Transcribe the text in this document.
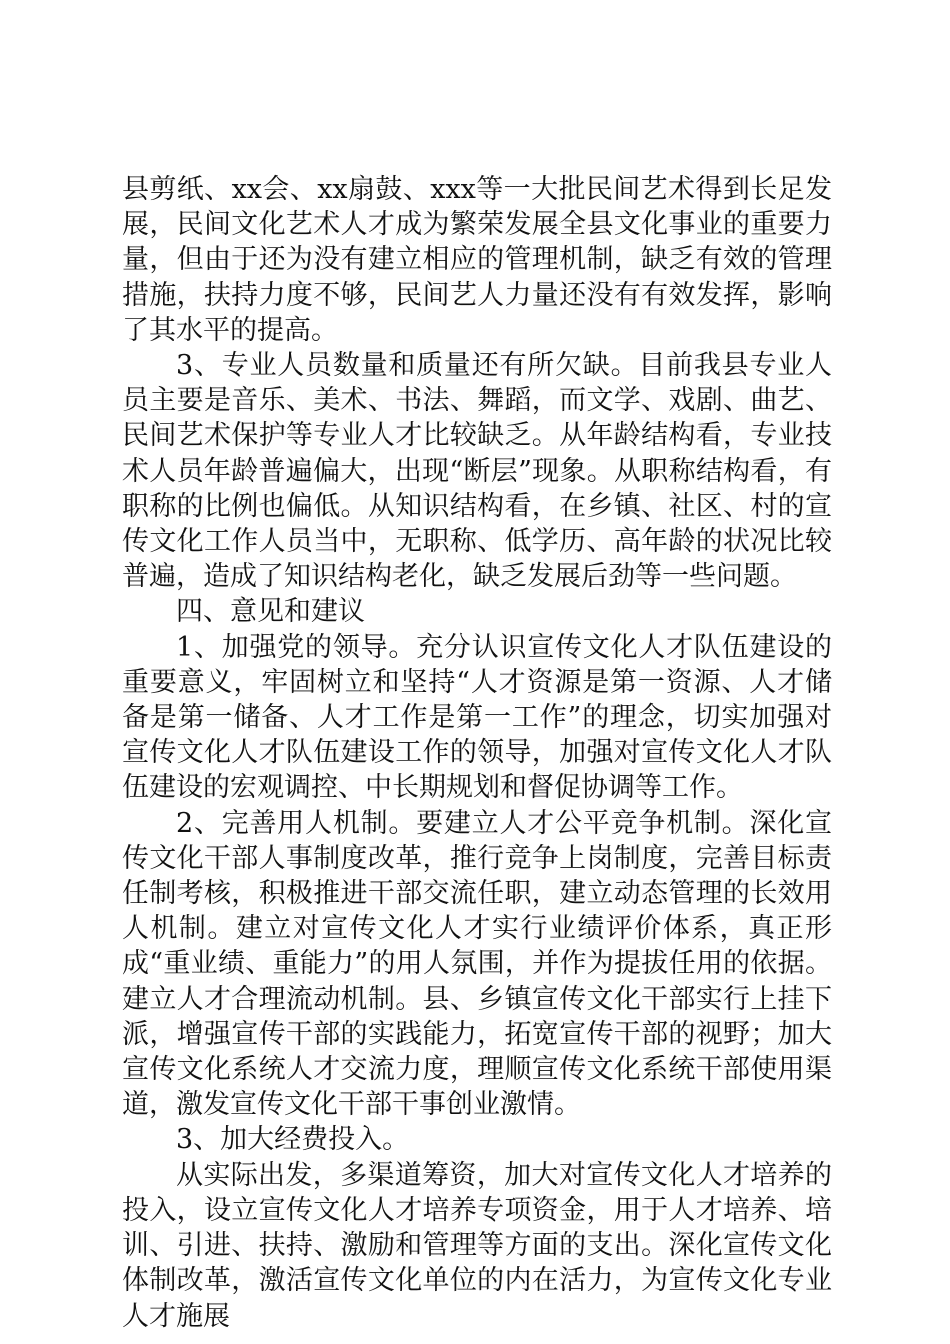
县剪纸、xx会、xx扇鼓、xxx等一大批民间艺术得到长足发展，民间文化艺术人才成为繁荣发展全县文化事业的重要力量，但由于还为没有建立相应的管理机制，缺乏有效的管理措施，扶持力度不够，民间艺人力量还没有有效发挥，影响了其水平的提高。

3、专业人员数量和质量还有所欠缺。目前我县专业人员主要是音乐、美术、书法、舞蹈，而文学、戏剧、曲艺、民间艺术保护等专业人才比较缺乏。从年龄结构看，专业技术人员年龄普遍偏大，出现“断层”现象。从职称结构看，有职称的比例也偏低。从知识结构看，在乡镇、社区、村的宣传文化工作人员当中，无职称、低学历、高年龄的状况比较普遍，造成了知识结构老化，缺乏发展后劲等一些问题。

四、意见和建议

1、加强党的领导。充分认识宣传文化人才队伍建设的重要意义，牢固树立和坚持“人才资源是第一资源、人才储备是第一储备、人才工作是第一工作”的理念，切实加强对宣传文化人才队伍建设工作的领导，加强对宣传文化人才队伍建设的宏观调控、中长期规划和督促协调等工作。

2、完善用人机制。要建立人才公平竞争机制。深化宣传文化干部人事制度改革，推行竞争上岗制度，完善目标责任制考核，积极推进干部交流任职，建立动态管理的长效用人机制。建立对宣传文化人才实行业绩评价体系，真正形成“重业绩、重能力”的用人氛围，并作为提拔任用的依据。建立人才合理流动机制。县、乡镇宣传文化干部实行上挂下派，增强宣传干部的实践能力，拓宽宣传干部的视野；加大宣传文化系统人才交流力度，理顺宣传文化系统干部使用渠道，激发宣传文化干部干事创业激情。

3、加大经费投入。

从实际出发，多渠道筹资，加大对宣传文化人才培养的投入，设立宣传文化人才培养专项资金，用于人才培养、培训、引进、扶持、激励和管理等方面的支出。深化宣传文化体制改革，激活宣传文化单位的内在活力，为宣传文化专业人才施展
